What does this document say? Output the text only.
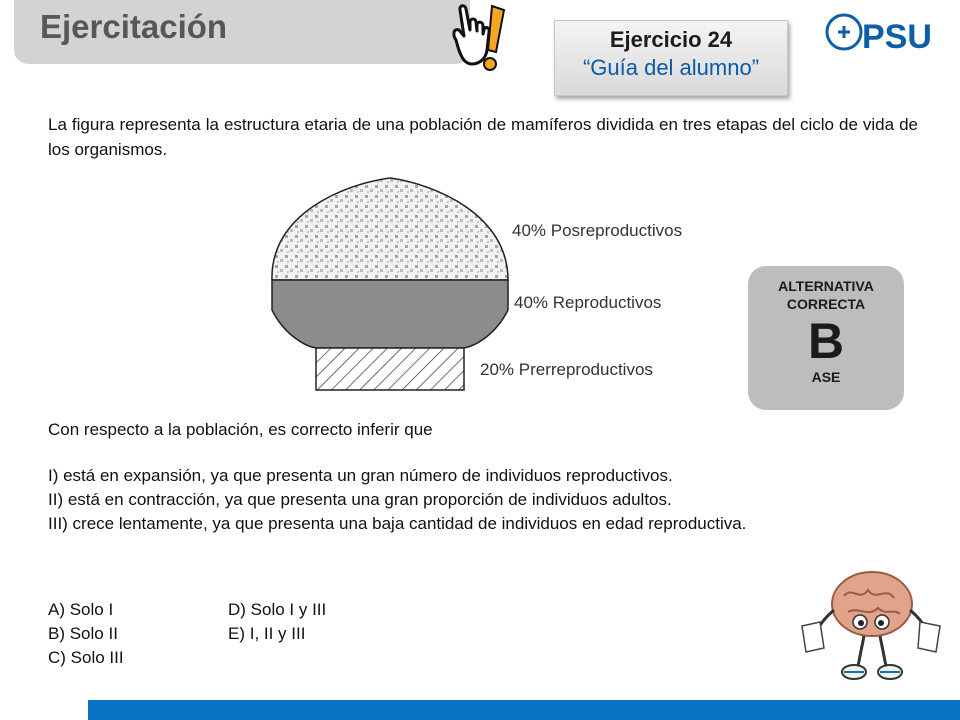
Ejercitación	Ejercicio 24
“Guía del alumno”
PSU
La figura representa la estructura etaria de una población de mamíferos dividida en tres etapas del ciclo de vida de los organismos.
40% Posreproductivos
40% Reproductivos
20% Prerreproductivos
ALTERNATIVA
CORRECTA
B
ASE
Con respecto a la población, es correcto inferir que
I) está en expansión, ya que presenta un gran número de individuos reproductivos.
II) está en contracción, ya que presenta una gran proporción de individuos adultos.
III) crece lentamente, ya que presenta una baja cantidad de individuos en edad reproductiva.
A) Solo I
B) Solo II
C) Solo III
D) Solo I y III
E) I, II y III
